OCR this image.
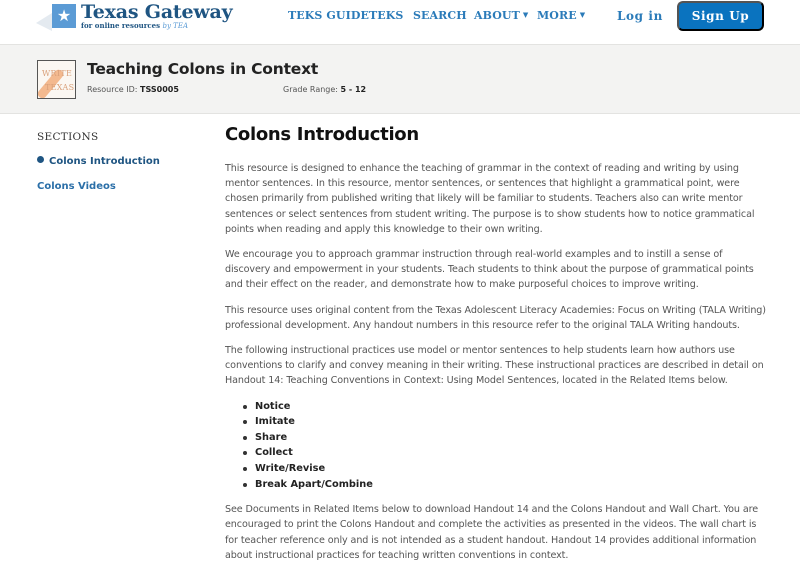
★ Texas Gateway
for online resources by TEA
TEKS GUIDE TEKS SEARCH ABOUT ▼ MORE ▼	Log in	Sign Up
WRITE
TEXAS
Teaching Colons in Context
Resource ID: TSS0005	Grade Range: 5 - 12
SECTIONS
Colons Introduction
Colons Videos
Colons Introduction

This resource is designed to enhance the teaching of grammar in the context of reading and writing by using mentor sentences. In this resource, mentor sentences, or sentences that highlight a grammatical point, were chosen primarily from published writing that likely will be familiar to students. Teachers also can write mentor sentences or select sentences from student writing. The purpose is to show students how to notice grammatical points when reading and apply this knowledge to their own writing.

We encourage you to approach grammar instruction through real-world examples and to instill a sense of discovery and empowerment in your students. Teach students to think about the purpose of grammatical points and their effect on the reader, and demonstrate how to make purposeful choices to improve writing.

This resource uses original content from the Texas Adolescent Literacy Academies: Focus on Writing (TALA Writing) professional development. Any handout numbers in this resource refer to the original TALA Writing handouts.

The following instructional practices use model or mentor sentences to help students learn how authors use conventions to clarify and convey meaning in their writing. These instructional practices are described in detail on Handout 14: Teaching Conventions in Context: Using Model Sentences, located in the Related Items below.

Notice
Imitate
Share
Collect
Write/Revise
Break Apart/Combine

See Documents in Related Items below to download Handout 14 and the Colons Handout and Wall Chart. You are encouraged to print the Colons Handout and complete the activities as presented in the videos. The wall chart is for teacher reference only and is not intended as a student handout. Handout 14 provides additional information about instructional practices for teaching written conventions in context.
